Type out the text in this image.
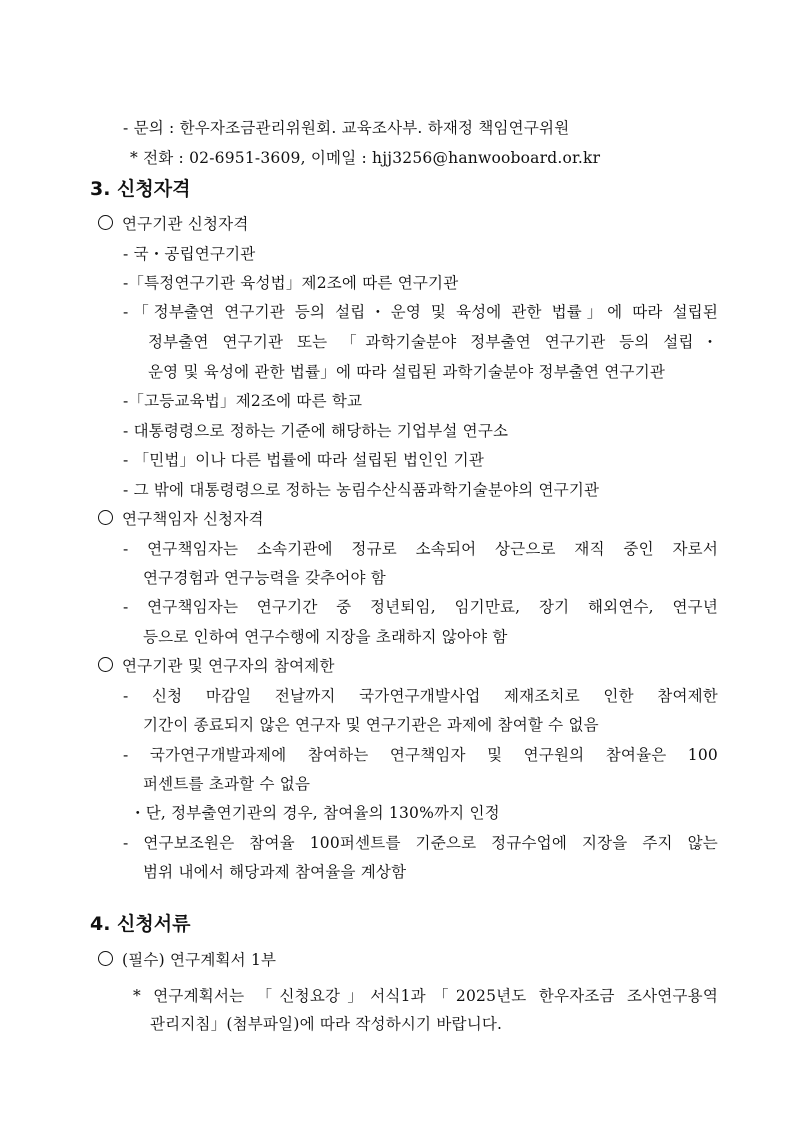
- 문의 : 한우자조금관리위원회. 교육조사부. 하재정 책임연구위원
* 전화 : 02-6951-3609, 이메일 : hjj3256@hanwooboard.or.kr
3. 신청자격
연구기관 신청자격
- 국・공립연구기관
-「특정연구기관 육성법」제2조에 따른 연구기관
-「정부출연 연구기관 등의 설립・운영 및 육성에 관한 법률」에 따라 설립된
정부출연 연구기관 또는 「과학기술분야 정부출연 연구기관 등의 설립・
운영 및 육성에 관한 법률」에 따라 설립된 과학기술분야 정부출연 연구기관
-「고등교육법」제2조에 따른 학교
- 대통령령으로 정하는 기준에 해당하는 기업부설 연구소
- 「민법」이나 다른 법률에 따라 설립된 법인인 기관
- 그 밖에 대통령령으로 정하는 농림수산식품과학기술분야의 연구기관
연구책임자 신청자격
- 연구책임자는 소속기관에 정규로 소속되어 상근으로 재직 중인 자로서
연구경험과 연구능력을 갖추어야 함
- 연구책임자는 연구기간 중 정년퇴임, 임기만료, 장기 해외연수, 연구년
등으로 인하여 연구수행에 지장을 초래하지 않아야 함
연구기관 및 연구자의 참여제한
- 신청 마감일 전날까지 국가연구개발사업 제재조치로 인한 참여제한
기간이 종료되지 않은 연구자 및 연구기관은 과제에 참여할 수 없음
- 국가연구개발과제에 참여하는 연구책임자 및 연구원의 참여율은 100
퍼센트를 초과할 수 없음
・단, 정부출연기관의 경우, 참여율의 130%까지 인정
- 연구보조원은 참여율 100퍼센트를 기준으로 정규수업에 지장을 주지 않는
범위 내에서 해당과제 참여율을 계상함
4. 신청서류
(필수) 연구계획서 1부
* 연구계획서는 「신청요강」서식1과「2025년도 한우자조금 조사연구용역
관리지침」(첨부파일)에 따라 작성하시기 바랍니다.
